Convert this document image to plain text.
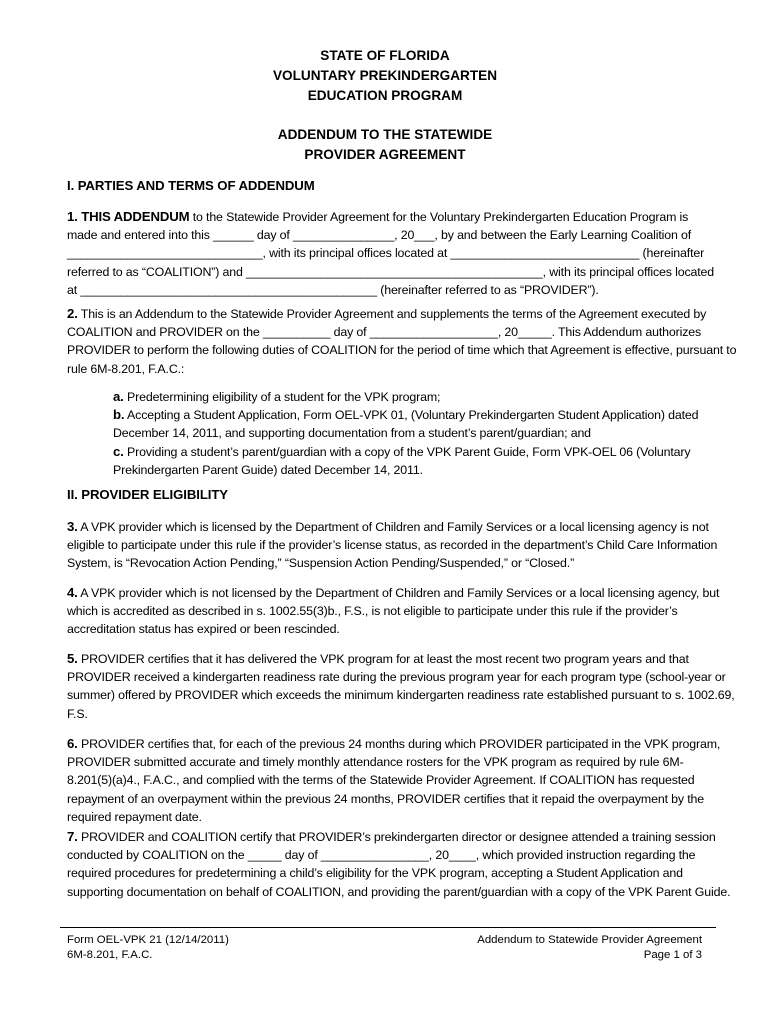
STATE OF FLORIDA
VOLUNTARY PREKINDERGARTEN
EDUCATION PROGRAM
ADDENDUM TO THE STATEWIDE
PROVIDER AGREEMENT
I. PARTIES AND TERMS OF ADDENDUM
1. THIS ADDENDUM to the Statewide Provider Agreement for the Voluntary Prekindergarten Education Program is
made and entered into this ______ day of _______________, 20___, by and between the Early Learning Coalition of
_____________________________, with its principal offices located at ____________________________ (hereinafter
referred to as “COALITION”) and ____________________________________________, with its principal offices located
at ____________________________________________ (hereinafter referred to as “PROVIDER”).
2. This is an Addendum to the Statewide Provider Agreement and supplements the terms of the Agreement executed by
COALITION and PROVIDER on the __________ day of ___________________, 20_____. This Addendum authorizes
PROVIDER to perform the following duties of COALITION for the period of time which that Agreement is effective, pursuant to
rule 6M-8.201, F.A.C.:
a. Predetermining eligibility of a student for the VPK program;
b. Accepting a Student Application, Form OEL-VPK 01, (Voluntary Prekindergarten Student Application) dated
December 14, 2011, and supporting documentation from a student’s parent/guardian; and
c. Providing a student’s parent/guardian with a copy of the VPK Parent Guide, Form VPK-OEL 06 (Voluntary
Prekindergarten Parent Guide) dated December 14, 2011.
II. PROVIDER ELIGIBILITY
3. A VPK provider which is licensed by the Department of Children and Family Services or a local licensing agency is not
eligible to participate under this rule if the provider’s license status, as recorded in the department’s Child Care Information
System, is “Revocation Action Pending,” “Suspension Action Pending/Suspended,” or “Closed.”
4. A VPK provider which is not licensed by the Department of Children and Family Services or a local licensing agency, but
which is accredited as described in s. 1002.55(3)b., F.S., is not eligible to participate under this rule if the provider’s
accreditation status has expired or been rescinded.
5. PROVIDER certifies that it has delivered the VPK program for at least the most recent two program years and that
PROVIDER received a kindergarten readiness rate during the previous program year for each program type (school-year or
summer) offered by PROVIDER which exceeds the minimum kindergarten readiness rate established pursuant to s. 1002.69,
F.S.
6. PROVIDER certifies that, for each of the previous 24 months during which PROVIDER participated in the VPK program,
PROVIDER submitted accurate and timely monthly attendance rosters for the VPK program as required by rule 6M-
8.201(5)(a)4., F.A.C., and complied with the terms of the Statewide Provider Agreement. If COALITION has requested
repayment of an overpayment within the previous 24 months, PROVIDER certifies that it repaid the overpayment by the
required repayment date.
7. PROVIDER and COALITION certify that PROVIDER’s prekindergarten director or designee attended a training session
conducted by COALITION on the _____ day of ________________, 20____, which provided instruction regarding the
required procedures for predetermining a child’s eligibility for the VPK program, accepting a Student Application and
supporting documentation on behalf of COALITION, and providing the parent/guardian with a copy of the VPK Parent Guide.
Form OEL-VPK 21 (12/14/2011)
6M-8.201, F.A.C.
Addendum to Statewide Provider Agreement
Page 1 of 3
